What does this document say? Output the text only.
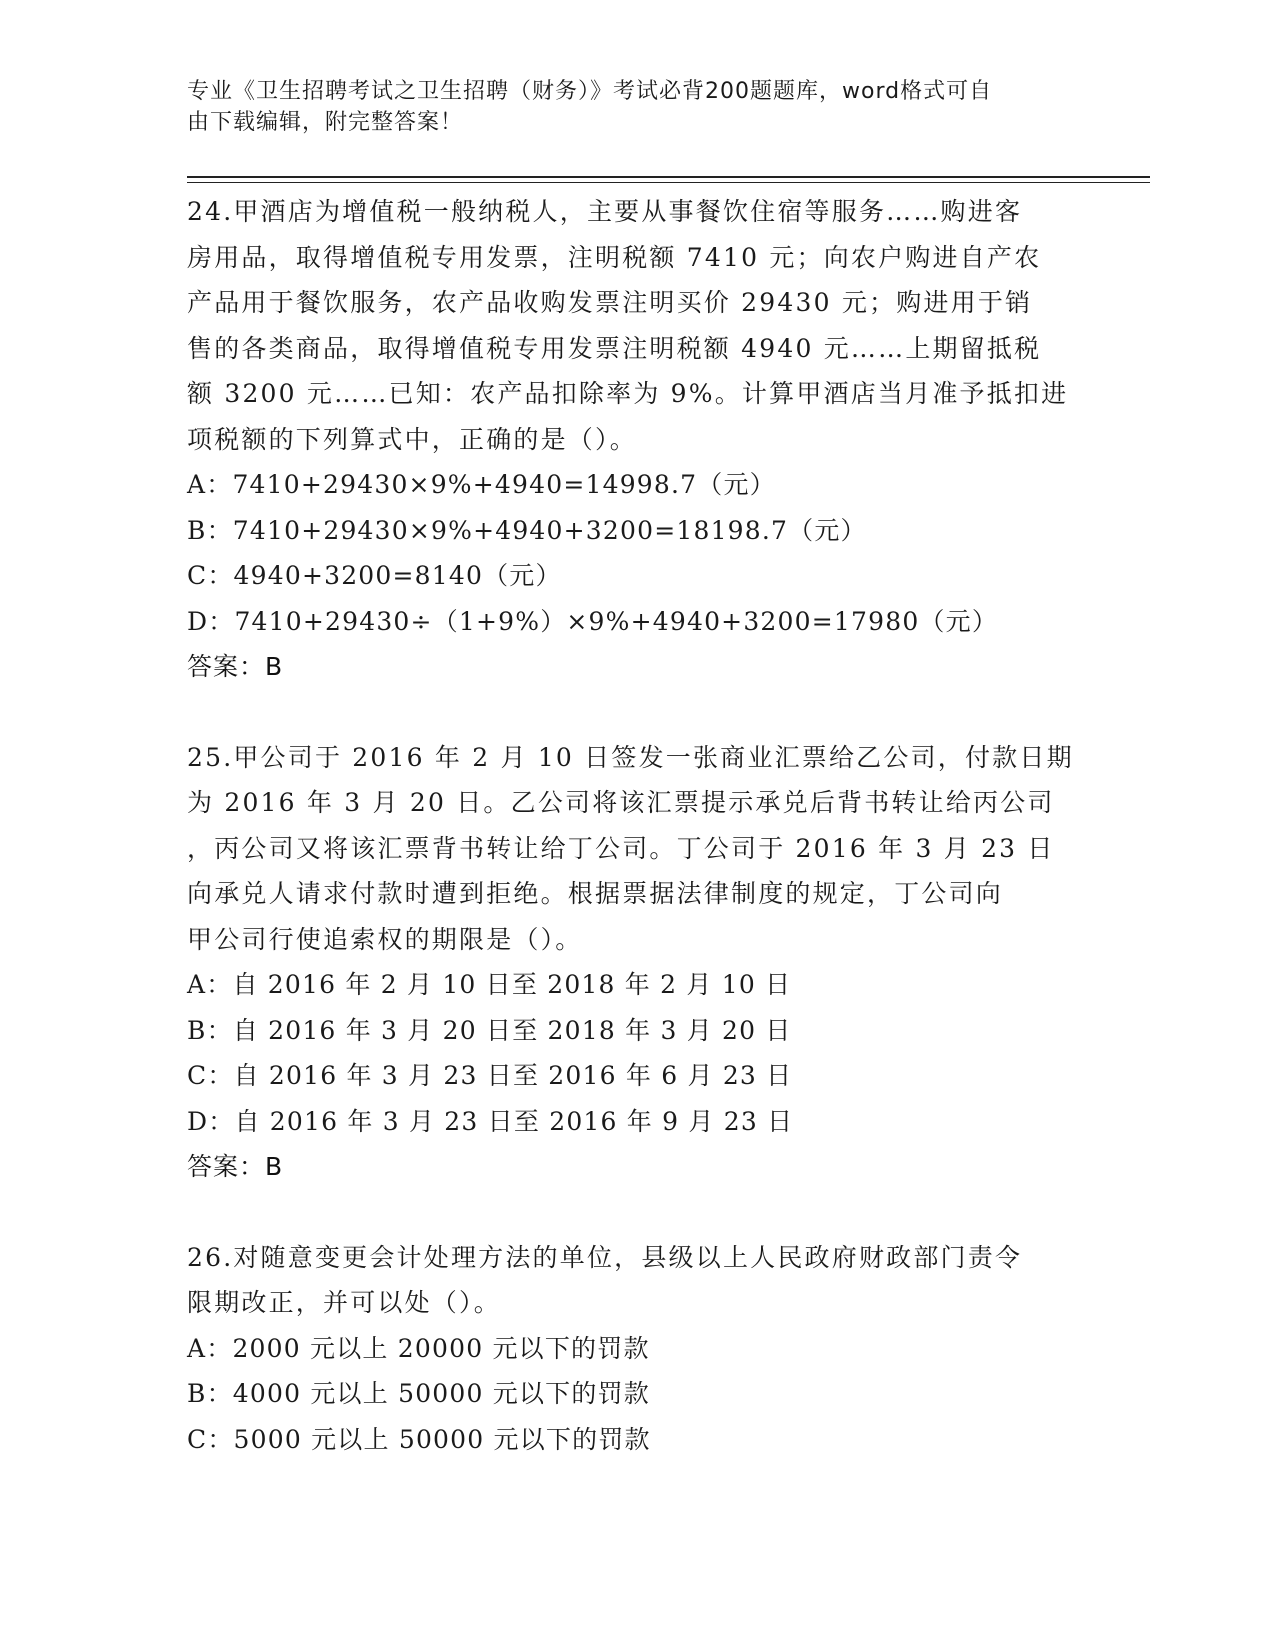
专业《卫生招聘考试之卫生招聘（财务）》考试必背200题题库，word格式可自
由下载编辑，附完整答案！
24.甲酒店为增值税一般纳税人，主要从事餐饮住宿等服务……购进客
房用品，取得增值税专用发票，注明税额 7410 元；向农户购进自产农
产品用于餐饮服务，农产品收购发票注明买价 29430 元；购进用于销
售的各类商品，取得增值税专用发票注明税额 4940 元……上期留抵税
额 3200 元……已知：农产品扣除率为 9%。计算甲酒店当月准予抵扣进
项税额的下列算式中，正确的是（）。
A：7410+29430×9%+4940=14998.7（元）
B：7410+29430×9%+4940+3200=18198.7（元）
C：4940+3200=8140（元）
D：7410+29430÷（1+9%）×9%+4940+3200=17980（元）
答案：B
25.甲公司于 2016 年 2 月 10 日签发一张商业汇票给乙公司，付款日期
为 2016 年 3 月 20 日。乙公司将该汇票提示承兑后背书转让给丙公司
，丙公司又将该汇票背书转让给丁公司。丁公司于 2016 年 3 月 23 日
向承兑人请求付款时遭到拒绝。根据票据法律制度的规定，丁公司向
甲公司行使追索权的期限是（）。
A：自 2016 年 2 月 10 日至 2018 年 2 月 10 日
B：自 2016 年 3 月 20 日至 2018 年 3 月 20 日
C：自 2016 年 3 月 23 日至 2016 年 6 月 23 日
D：自 2016 年 3 月 23 日至 2016 年 9 月 23 日
答案：B
26.对随意变更会计处理方法的单位，县级以上人民政府财政部门责令
限期改正，并可以处（）。
A：2000 元以上 20000 元以下的罚款
B：4000 元以上 50000 元以下的罚款
C：5000 元以上 50000 元以下的罚款
